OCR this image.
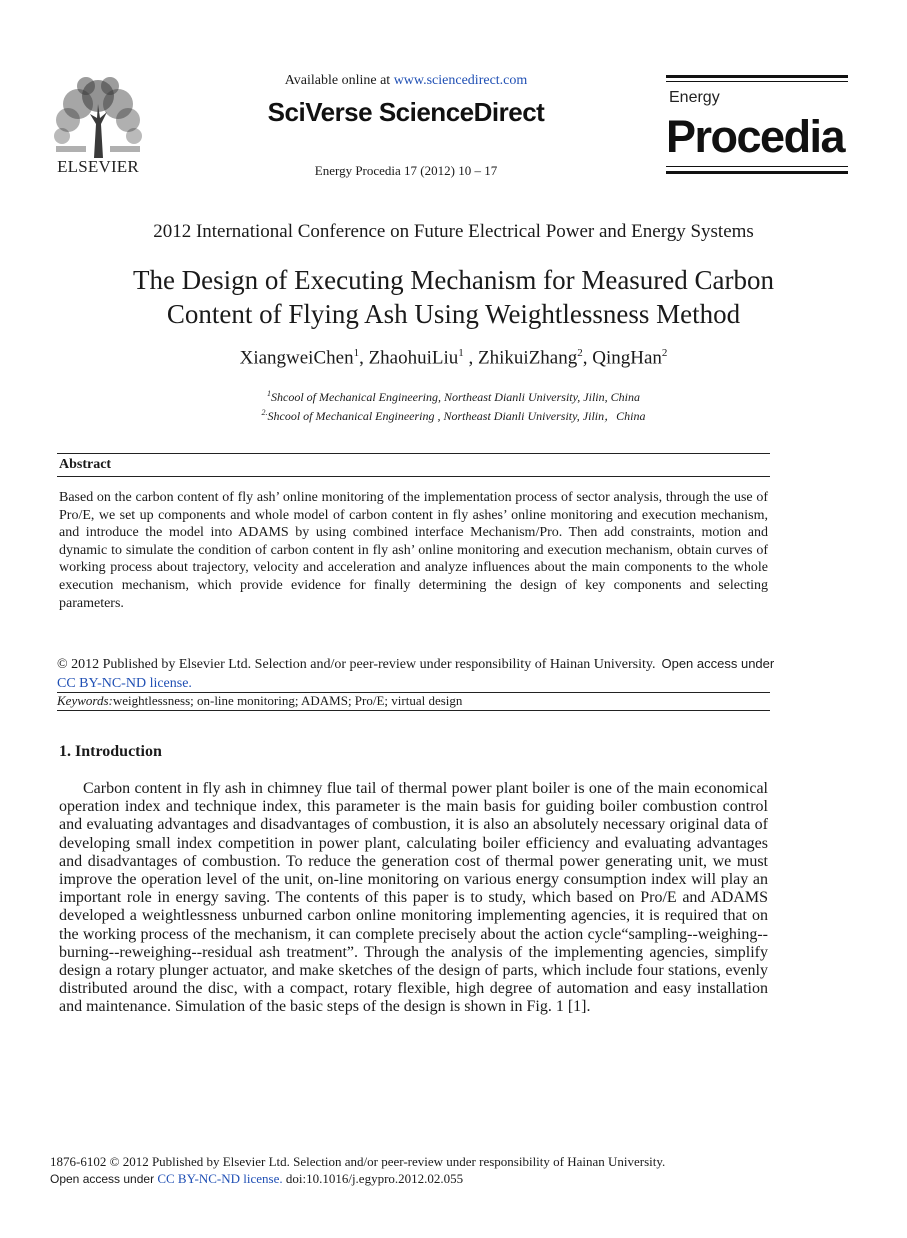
ELSEVIER
Available online at www.sciencedirect.com
SciVerse ScienceDirect
Energy Procedia 17 (2012) 10 – 17
Energy
Procedia
2012 International Conference on Future Electrical Power and Energy Systems
The Design of Executing Mechanism for Measured Carbon
Content of Flying Ash Using Weightlessness Method
XiangweiChen$^1$, ZhaohuiLiu$^1$ , ZhikuiZhang$^2$, QingHan$^2$
$^1$Shcool of Mechanical Engineering, Northeast Dianli University, Jilin, China
$^{2.}$Shcool of Mechanical Engineering , Northeast Dianli University, Jilin，China
Abstract
Based on the carbon content of fly ash’ online monitoring of the implementation process of sector analysis, through the use of Pro/E, we set up components and whole model of carbon content in fly ashes’ online monitoring and execution mechanism, and introduce the model into ADAMS by using combined interface Mechanism/Pro. Then add constraints, motion and dynamic to simulate the condition of carbon content in fly ash’ online monitoring and execution mechanism, obtain curves of working process about trajectory, velocity and acceleration and analyze influences about the main components to the whole execution mechanism, which provide evidence for finally determining the design of key components and selecting parameters.
© 2012 Published by Elsevier Ltd. Selection and/or peer-review under responsibility of Hainan University. Open access under
CC BY-NC-ND license.
Keywords:weightlessness; on-line monitoring; ADAMS; Pro/E; virtual design
1. Introduction
Carbon content in fly ash in chimney flue tail of thermal power plant boiler is one of the main economical operation index and technique index, this parameter is the main basis for guiding boiler combustion control and evaluating advantages and disadvantages of combustion, it is also an absolutely necessary original data of developing small index competition in power plant, calculating boiler efficiency and evaluating advantages and disadvantages of combustion. To reduce the generation cost of thermal power generating unit, we must improve the operation level of the unit, on-line monitoring on various energy consumption index will play an important role in energy saving. The contents of this paper is to study, which based on Pro/E and ADAMS developed a weightlessness unburned carbon online monitoring implementing agencies, it is required that on the working process of the mechanism, it can complete precisely about the action cycle“sampling--weighing--burning--reweighing--residual ash treatment”. Through the analysis of the implementing agencies, simplify design a rotary plunger actuator, and make sketches of the design of parts, which include four stations, evenly distributed around the disc, with a compact, rotary flexible, high degree of automation and easy installation and maintenance. Simulation of the basic steps of the design is shown in Fig. 1 [1].
1876-6102 © 2012 Published by Elsevier Ltd. Selection and/or peer-review under responsibility of Hainan University.
Open access under CC BY-NC-ND license. doi:10.1016/j.egypro.2012.02.055
